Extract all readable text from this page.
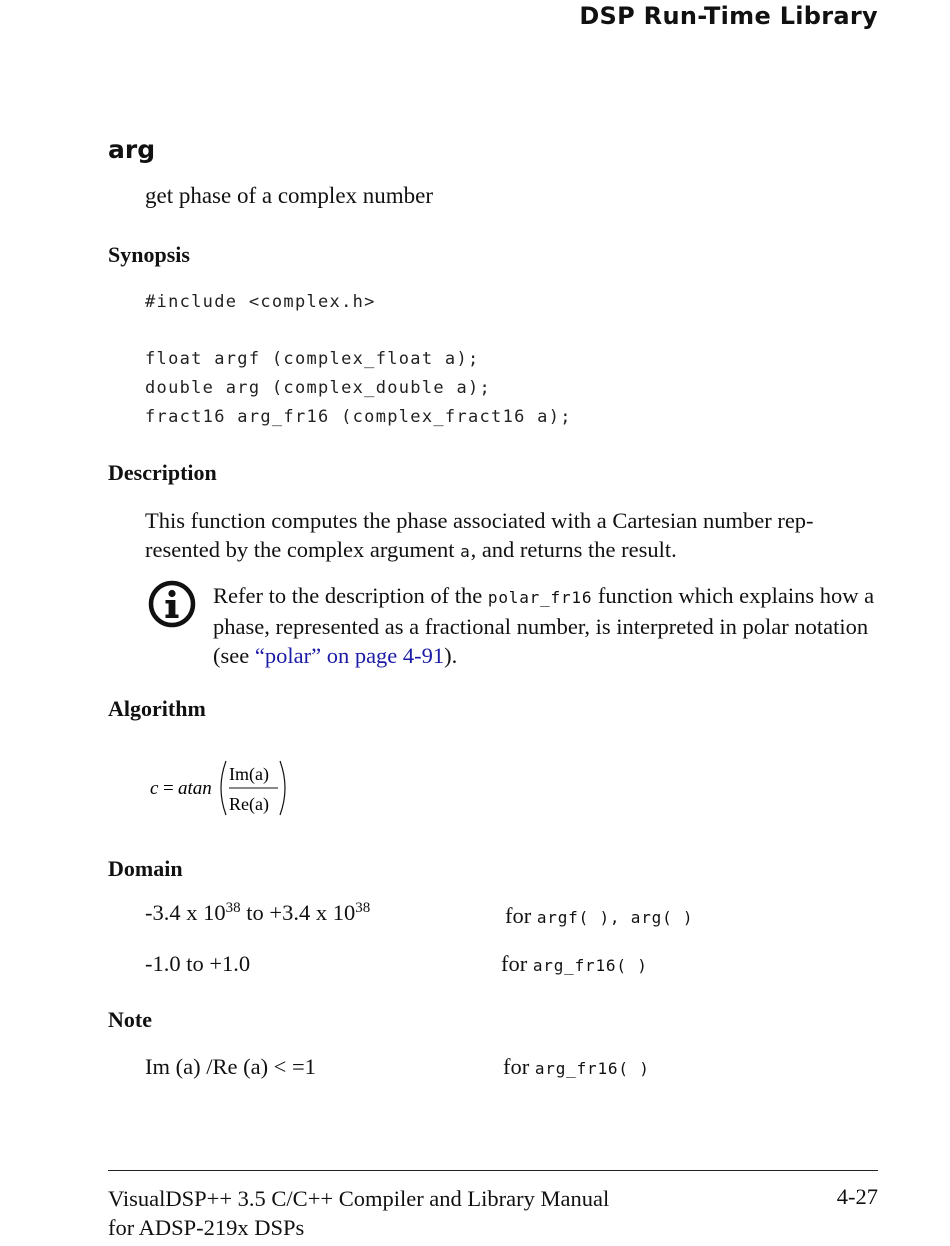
DSP Run-Time Library
arg
get phase of a complex number
Synopsis
#include <complex.h>
float argf (complex_float a);
double arg (complex_double a);
fract16 arg_fr16 (complex_fract16 a);
Description
This function computes the phase associated with a Cartesian number rep-
resented by the complex argument a, and returns the result.
Refer to the description of the polar_fr16 function which explains how a phase, represented as a fractional number, is interpreted in polar notation (see “polar” on page 4-91).
Algorithm
c = atan
Im(a)
Re(a)
Domain
-3.4 x $10^{38}$ to +3.4 x $10^{38}$	for argf( ), arg( )
-1.0 to +1.0	for arg_fr16( )
Note
Im (a) /Re (a) < =1	for arg_fr16( )
VisualDSP++ 3.5 C/C++ Compiler and Library Manual
for ADSP-219x DSPs
4-27
